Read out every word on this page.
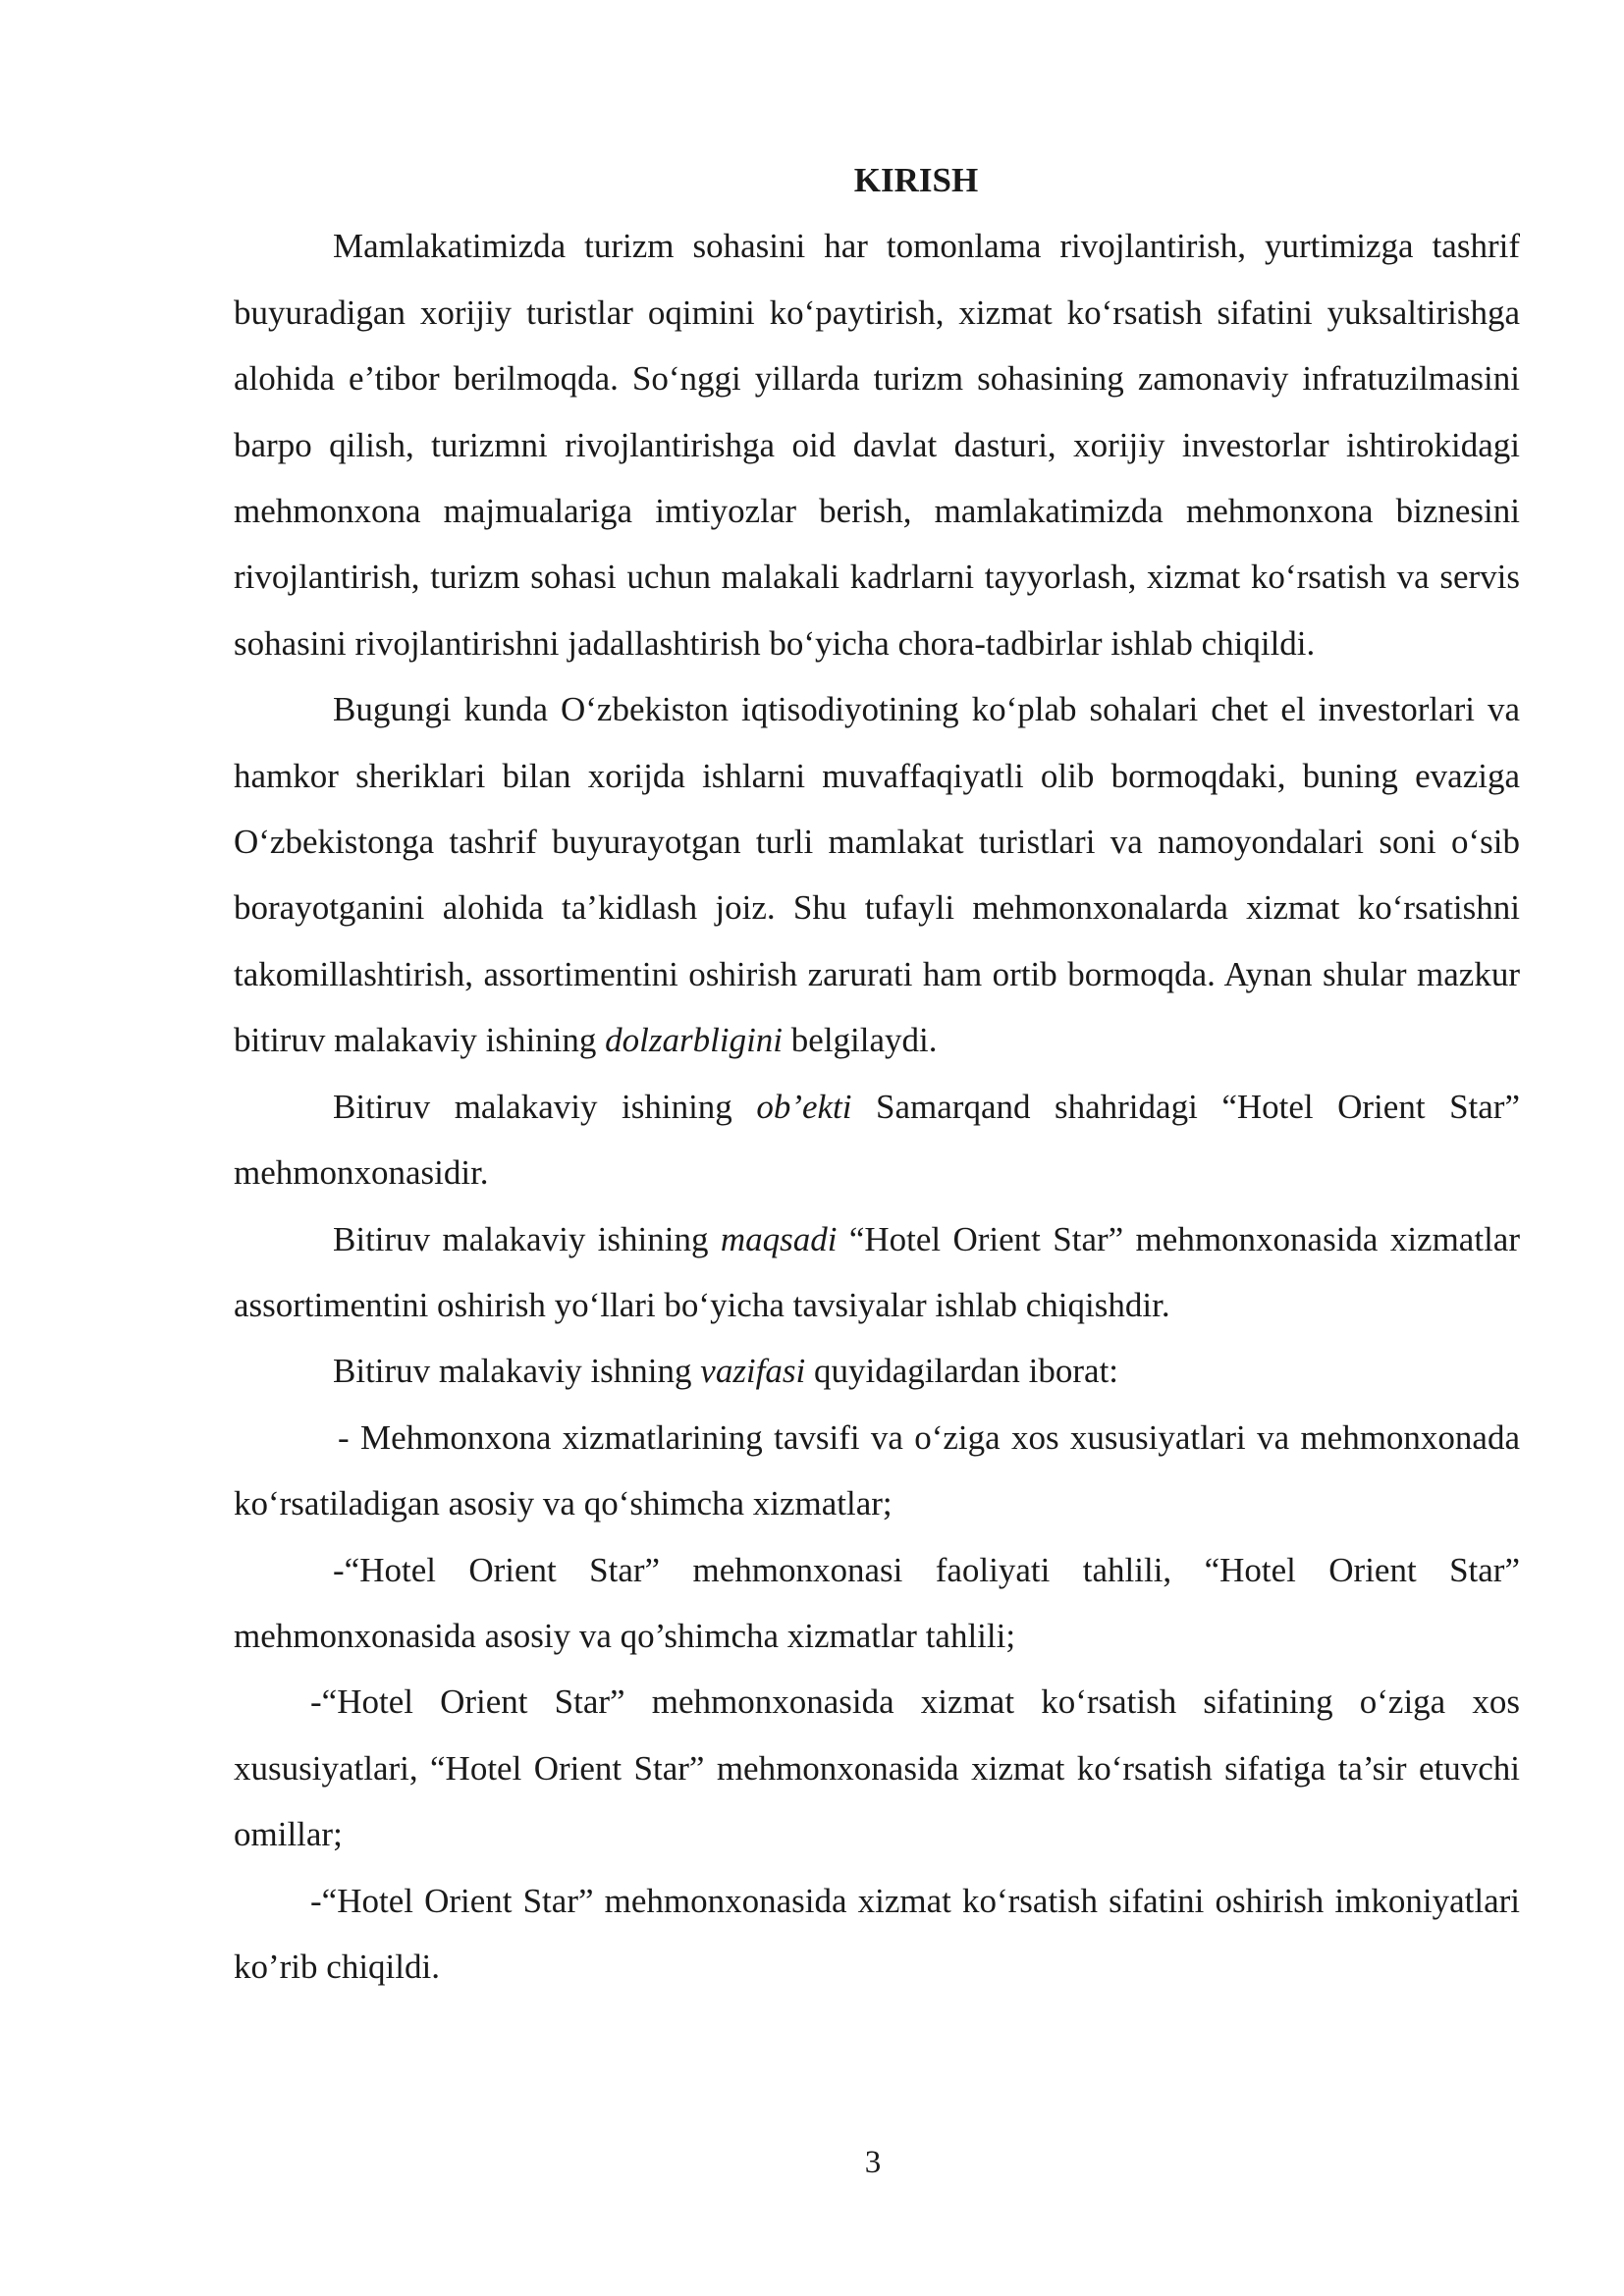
KIRISH

Mamlakatimizda turizm sohasini har tomonlama rivojlantirish, yurtimizga tashrif buyuradigan xorijiy turistlar oqimini ko‘paytirish, xizmat ko‘rsatish sifatini yuksaltirishga alohida e’tibor berilmoqda. So‘nggi yillarda turizm sohasining zamonaviy infratuzilmasini barpo qilish, turizmni rivojlantirishga oid davlat dasturi, xorijiy investorlar ishtirokidagi mehmonxona majmualariga imtiyozlar berish, mamlakatimizda mehmonxona biznesini rivojlantirish, turizm sohasi uchun malakali kadrlarni tayyorlash, xizmat ko‘rsatish va servis sohasini rivojlantirishni jadallashtirish bo‘yicha chora-tadbirlar ishlab chiqildi.

Bugungi kunda O‘zbekiston iqtisodiyotining ko‘plab sohalari chet el investorlari va hamkor sheriklari bilan xorijda ishlarni muvaffaqiyatli olib bormoqdaki, buning evaziga O‘zbekistonga tashrif buyurayotgan turli mamlakat turistlari va namoyondalari soni o‘sib borayotganini alohida ta’kidlash joiz. Shu tufayli mehmonxonalarda xizmat ko‘rsatishni takomillashtirish, assortimentini oshirish zarurati ham ortib bormoqda. Aynan shular mazkur bitiruv malakaviy ishining dolzarbligini belgilaydi.

Bitiruv malakaviy ishining ob’ekti Samarqand shahridagi “Hotel Orient Star” mehmonxonasidir.

Bitiruv malakaviy ishining maqsadi “Hotel Orient Star” mehmonxonasida xizmatlar assortimentini oshirish yo‘llari bo‘yicha tavsiyalar ishlab chiqishdir.

Bitiruv malakaviy ishning vazifasi quyidagilardan iborat:

- Mehmonxona xizmatlarining tavsifi va o‘ziga xos xususiyatlari va mehmonxonada ko‘rsatiladigan asosiy va qo‘shimcha xizmatlar;

-“Hotel Orient Star” mehmonxonasi faoliyati tahlili, “Hotel Orient Star” mehmonxonasida asosiy va qo’shimcha xizmatlar tahlili;

-“Hotel Orient Star” mehmonxonasida xizmat ko‘rsatish sifatining o‘ziga xos xususiyatlari, “Hotel Orient Star” mehmonxonasida xizmat ko‘rsatish sifatiga ta’sir etuvchi omillar;

-“Hotel Orient Star” mehmonxonasida xizmat ko‘rsatish sifatini oshirish imkoniyatlari ko’rib chiqildi.

3
